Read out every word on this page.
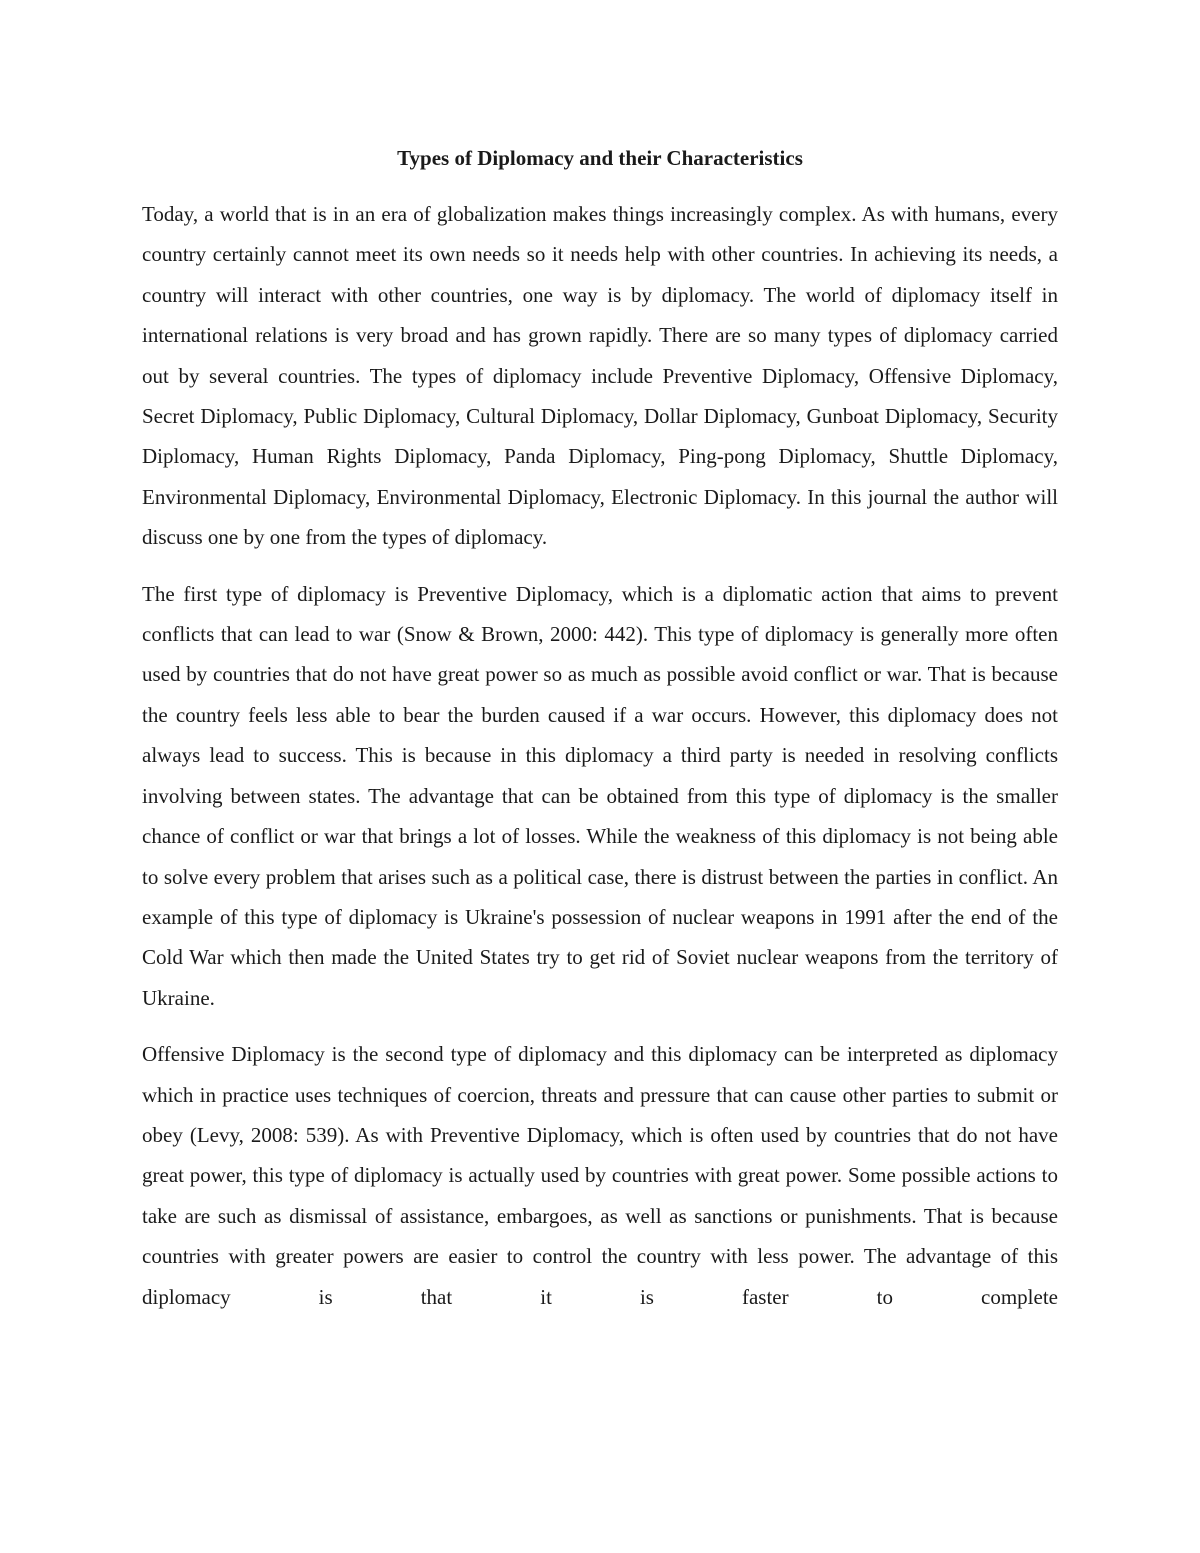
Types of Diplomacy and their Characteristics

Today, a world that is in an era of globalization makes things increasingly complex. As with humans, every country certainly cannot meet its own needs so it needs help with other countries. In achieving its needs, a country will interact with other countries, one way is by diplomacy. The world of diplomacy itself in international relations is very broad and has grown rapidly. There are so many types of diplomacy carried out by several countries. The types of diplomacy include Preventive Diplomacy, Offensive Diplomacy, Secret Diplomacy, Public Diplomacy, Cultural Diplomacy, Dollar Diplomacy, Gunboat Diplomacy, Security Diplomacy, Human Rights Diplomacy, Panda Diplomacy, Ping-pong Diplomacy, Shuttle Diplomacy, Environmental Diplomacy, Environmental Diplomacy, Electronic Diplomacy. In this journal the author will discuss one by one from the types of diplomacy.

The first type of diplomacy is Preventive Diplomacy, which is a diplomatic action that aims to prevent conflicts that can lead to war (Snow & Brown, 2000: 442). This type of diplomacy is generally more often used by countries that do not have great power so as much as possible avoid conflict or war. That is because the country feels less able to bear the burden caused if a war occurs. However, this diplomacy does not always lead to success. This is because in this diplomacy a third party is needed in resolving conflicts involving between states. The advantage that can be obtained from this type of diplomacy is the smaller chance of conflict or war that brings a lot of losses. While the weakness of this diplomacy is not being able to solve every problem that arises such as a political case, there is distrust between the parties in conflict. An example of this type of diplomacy is Ukraine's possession of nuclear weapons in 1991 after the end of the Cold War which then made the United States try to get rid of Soviet nuclear weapons from the territory of Ukraine.

Offensive Diplomacy is the second type of diplomacy and this diplomacy can be interpreted as diplomacy which in practice uses techniques of coercion, threats and pressure that can cause other parties to submit or obey (Levy, 2008: 539). As with Preventive Diplomacy, which is often used by countries that do not have great power, this type of diplomacy is actually used by countries with great power. Some possible actions to take are such as dismissal of assistance, embargoes, as well as sanctions or punishments. That is because countries with greater powers are easier to control the country with less power. The advantage of this diplomacy is that it is faster to complete
